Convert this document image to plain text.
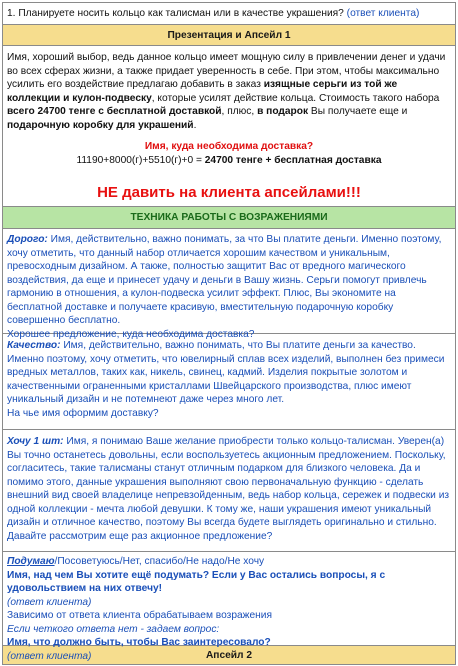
1. Планируете носить кольцо как талисман или в качестве украшения? (ответ клиента)
Презентация и Апсейл 1

Имя, хороший выбор, ведь данное кольцо имеет мощную силу в привлечении денег и удачи во всех сферах жизни, а также придает уверенность в себе. При этом, чтобы максимально усилить его воздействие предлагаю добавить в заказ изящные серьги из той же коллекции и кулон-подвеску, которые усилят действие кольца. Стоимость такого набора всего 24700 тенге с бесплатной доставкой, плюс, в подарок Вы получаете еще и подарочную коробку для украшений.

Имя, куда необходима доставка?

11190+8000(г)+5510(г)+0 = 24700 тенге + бесплатная доставка

НЕ давить на клиента апсейлами!!!

ТЕХНИКА РАБОТЫ С ВОЗРАЖЕНИЯМИ

Дорого: Имя, действительно, важно понимать, за что Вы платите деньги. Именно поэтому, хочу отметить, что данный набор отличается хорошим качеством и уникальным, превосходным дизайном. А также, полностью защитит Вас от вредного магического воздействия, да еще и принесет удачу и деньги в Вашу жизнь. Серьги помогут привлечь гармонию в отношения, а кулон-подвеска усилит эффект. Плюс, Вы экономите на бесплатной доставке и получаете красивую, вместительную подарочную коробку совершенно бесплатно.

Хорошее предложение, куда необходима доставка?

Качество: Имя, действительно, важно понимать, что Вы платите деньги за качество. Именно поэтому, хочу отметить, что ювелирный сплав всех изделий, выполнен без примеси вредных металлов, таких как, никель, свинец, кадмий. Изделия покрытые золотом и качественными ограненными кристаллами Швейцарского производства, плюс имеют уникальный дизайн и не потемнеют даже через много лет.

На чье имя оформим доставку?

Хочу 1 шт: Имя, я понимаю Ваше желание приобрести только кольцо-талисман. Уверен(а) Вы точно останетесь довольны, если воспользуетесь акционным предложением. Поскольку, согласитесь, такие талисманы станут отличным подарком для близкого человека. Да и помимо этого, данные украшения выполняют свою первоначальную функцию - сделать внешний вид своей владелице непревзойденным, ведь набор кольца, сережек и подвески из одной коллекции - мечта любой девушки. К тому же, наши украшения имеют уникальный дизайн и отличное качество, поэтому Вы всегда будете выглядеть оригинально и стильно. Давайте рассмотрим еще раз акционное предложение?

Подумаю/Посоветуюсь/Нет, спасибо/Не надо/Не хочу

Имя, над чем Вы хотите ещё подумать? Если у Вас остались вопросы, я с удовольствием на них отвечу!

(ответ клиента)

Зависимо от ответа клиента обрабатываем возражения

Если четкого ответа нет - задаем вопрос:

Имя, что должно быть, чтобы Вас заинтересовало?

(ответ клиента)	Апсейл 2
